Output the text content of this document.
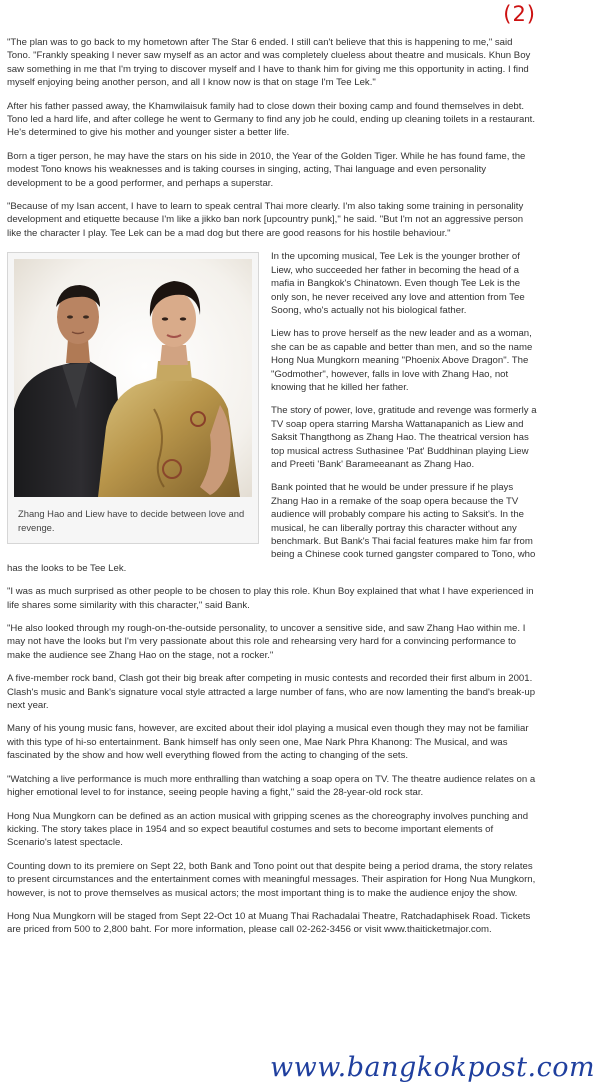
(2)

"The plan was to go back to my hometown after The Star 6 ended. I still can't believe that this is happening to me," said Tono. "Frankly speaking I never saw myself as an actor and was completely clueless about theatre and musicals. Khun Boy saw something in me that I'm trying to discover myself and I have to thank him for giving me this opportunity in acting. I find myself enjoying being another person, and all I know now is that on stage I'm Tee Lek."

After his father passed away, the Khamwilaisuk family had to close down their boxing camp and found themselves in debt. Tono led a hard life, and after college he went to Germany to find any job he could, ending up cleaning toilets in a restaurant. He's determined to give his mother and younger sister a better life.

Born a tiger person, he may have the stars on his side in 2010, the Year of the Golden Tiger. While he has found fame, the modest Tono knows his weaknesses and is taking courses in singing, acting, Thai language and even personality development to be a good performer, and perhaps a superstar.

"Because of my Isan accent, I have to learn to speak central Thai more clearly. I'm also taking some training in personality development and etiquette because I'm like a jikko ban nork [upcountry punk]," he said. "But I'm not an aggressive person like the character I play. Tee Lek can be a mad dog but there are good reasons for his hostile behaviour."

Zhang Hao and Liew have to decide between love and revenge.

In the upcoming musical, Tee Lek is the younger brother of Liew, who succeeded her father in becoming the head of a mafia in Bangkok's Chinatown. Even though Tee Lek is the only son, he never received any love and attention from Tee Soong, who's actually not his biological father.

Liew has to prove herself as the new leader and as a woman, she can be as capable and better than men, and so the name Hong Nua Mungkorn meaning "Phoenix Above Dragon". The "Godmother", however, falls in love with Zhang Hao, not knowing that he killed her father.

The story of power, love, gratitude and revenge was formerly a TV soap opera starring Marsha Wattanapanich as Liew and Saksit Thangthong as Zhang Hao. The theatrical version has top musical actress Suthasinee 'Pat' Buddhinan playing Liew and Preeti 'Bank' Barameeanant as Zhang Hao.

Bank pointed that he would be under pressure if he plays Zhang Hao in a remake of the soap opera because the TV audience will probably compare his acting to Saksit's. In the musical, he can liberally portray this character without any benchmark. But Bank's Thai facial features make him far from being a Chinese cook turned gangster compared to Tono, who has the looks to be Tee Lek.

"I was as much surprised as other people to be chosen to play this role. Khun Boy explained that what I have experienced in life shares some similarity with this character," said Bank.

"He also looked through my rough-on-the-outside personality, to uncover a sensitive side, and saw Zhang Hao within me. I may not have the looks but I'm very passionate about this role and rehearsing very hard for a convincing performance to make the audience see Zhang Hao on the stage, not a rocker."

A five-member rock band, Clash got their big break after competing in music contests and recorded their first album in 2001. Clash's music and Bank's signature vocal style attracted a large number of fans, who are now lamenting the band's break-up next year.

Many of his young music fans, however, are excited about their idol playing a musical even though they may not be familiar with this type of hi-so entertainment. Bank himself has only seen one, Mae Nark Phra Khanong: The Musical, and was fascinated by the show and how well everything flowed from the acting to changing of the sets.

"Watching a live performance is much more enthralling than watching a soap opera on TV. The theatre audience relates on a higher emotional level to for instance, seeing people having a fight," said the 28-year-old rock star.

Hong Nua Mungkorn can be defined as an action musical with gripping scenes as the choreography involves punching and kicking. The story takes place in 1954 and so expect beautiful costumes and sets to become important elements of Scenario's latest spectacle.

Counting down to its premiere on Sept 22, both Bank and Tono point out that despite being a period drama, the story relates to present circumstances and the entertainment comes with meaningful messages. Their aspiration for Hong Nua Mungkorn, however, is not to prove themselves as musical actors; the most important thing is to make the audience enjoy the show.

Hong Nua Mungkorn will be staged from Sept 22-Oct 10 at Muang Thai Rachadalai Theatre, Ratchadaphisek Road. Tickets are priced from 500 to 2,800 baht. For more information, please call 02-262-3456 or visit www.thaiticketmajor.com.

www.bangkokpost.com
